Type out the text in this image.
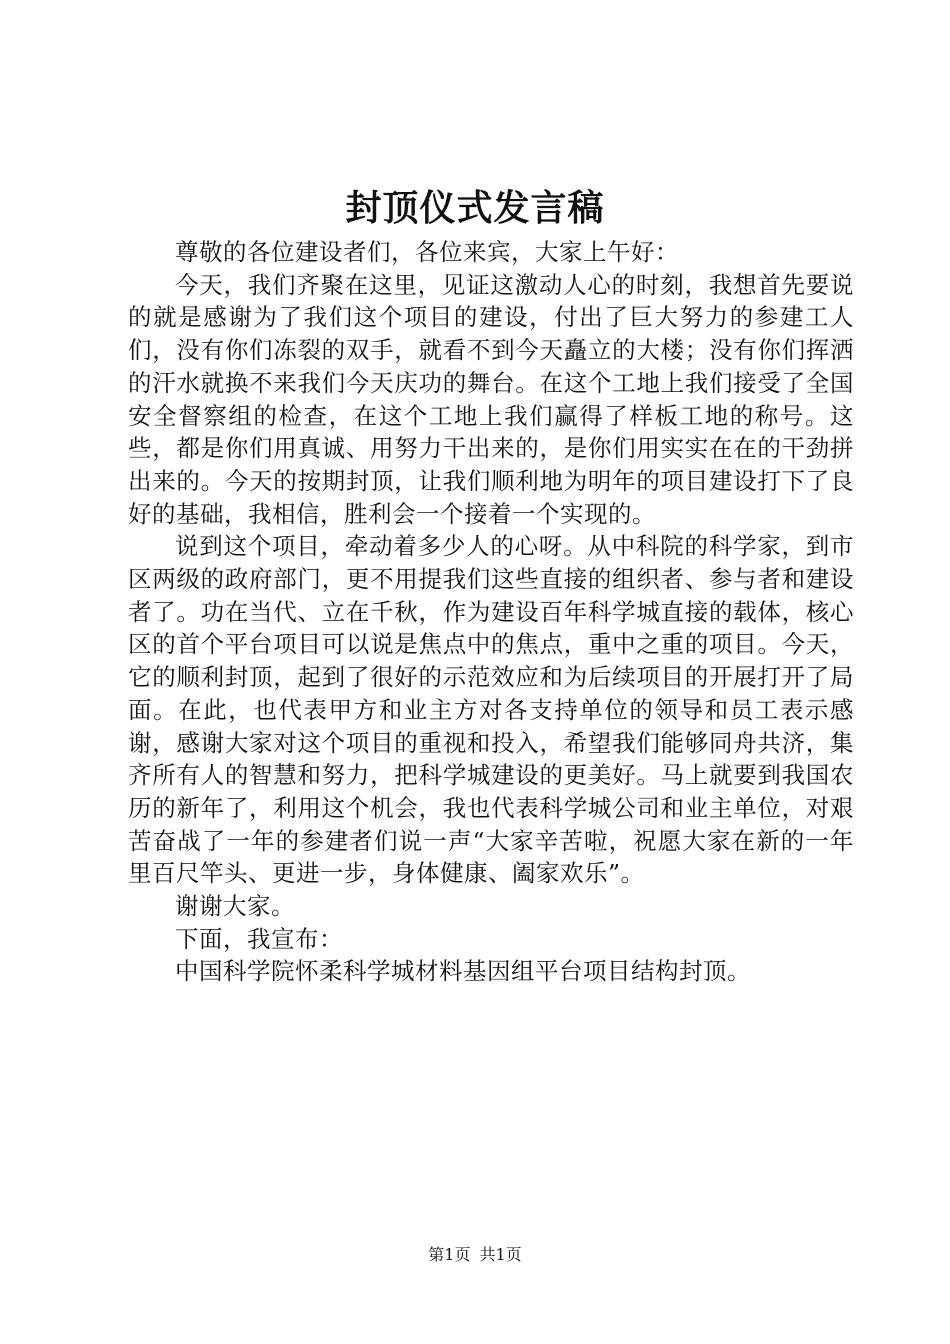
封顶仪式发言稿

尊敬的各位建设者们，各位来宾，大家上午好：

今天，我们齐聚在这里，见证这激动人心的时刻，我想首先要说的就是感谢为了我们这个项目的建设，付出了巨大努力的参建工人们，没有你们冻裂的双手，就看不到今天矗立的大楼；没有你们挥洒的汗水就换不来我们今天庆功的舞台。在这个工地上我们接受了全国安全督察组的检查，在这个工地上我们赢得了样板工地的称号。这些，都是你们用真诚、用努力干出来的，是你们用实实在在的干劲拼出来的。今天的按期封顶，让我们顺利地为明年的项目建设打下了良好的基础，我相信，胜利会一个接着一个实现的。

说到这个项目，牵动着多少人的心呀。从中科院的科学家，到市区两级的政府部门，更不用提我们这些直接的组织者、参与者和建设者了。功在当代、立在千秋，作为建设百年科学城直接的载体，核心区的首个平台项目可以说是焦点中的焦点，重中之重的项目。今天，它的顺利封顶，起到了很好的示范效应和为后续项目的开展打开了局面。在此，也代表甲方和业主方对各支持单位的领导和员工表示感谢，感谢大家对这个项目的重视和投入，希望我们能够同舟共济，集齐所有人的智慧和努力，把科学城建设的更美好。马上就要到我国农历的新年了，利用这个机会，我也代表科学城公司和业主单位，对艰苦奋战了一年的参建者们说一声“大家辛苦啦，祝愿大家在新的一年里百尺竿头、更进一步，身体健康、阖家欢乐”。

谢谢大家。

下面，我宣布：

中国科学院怀柔科学城材料基因组平台项目结构封顶。

第1页 共1页
